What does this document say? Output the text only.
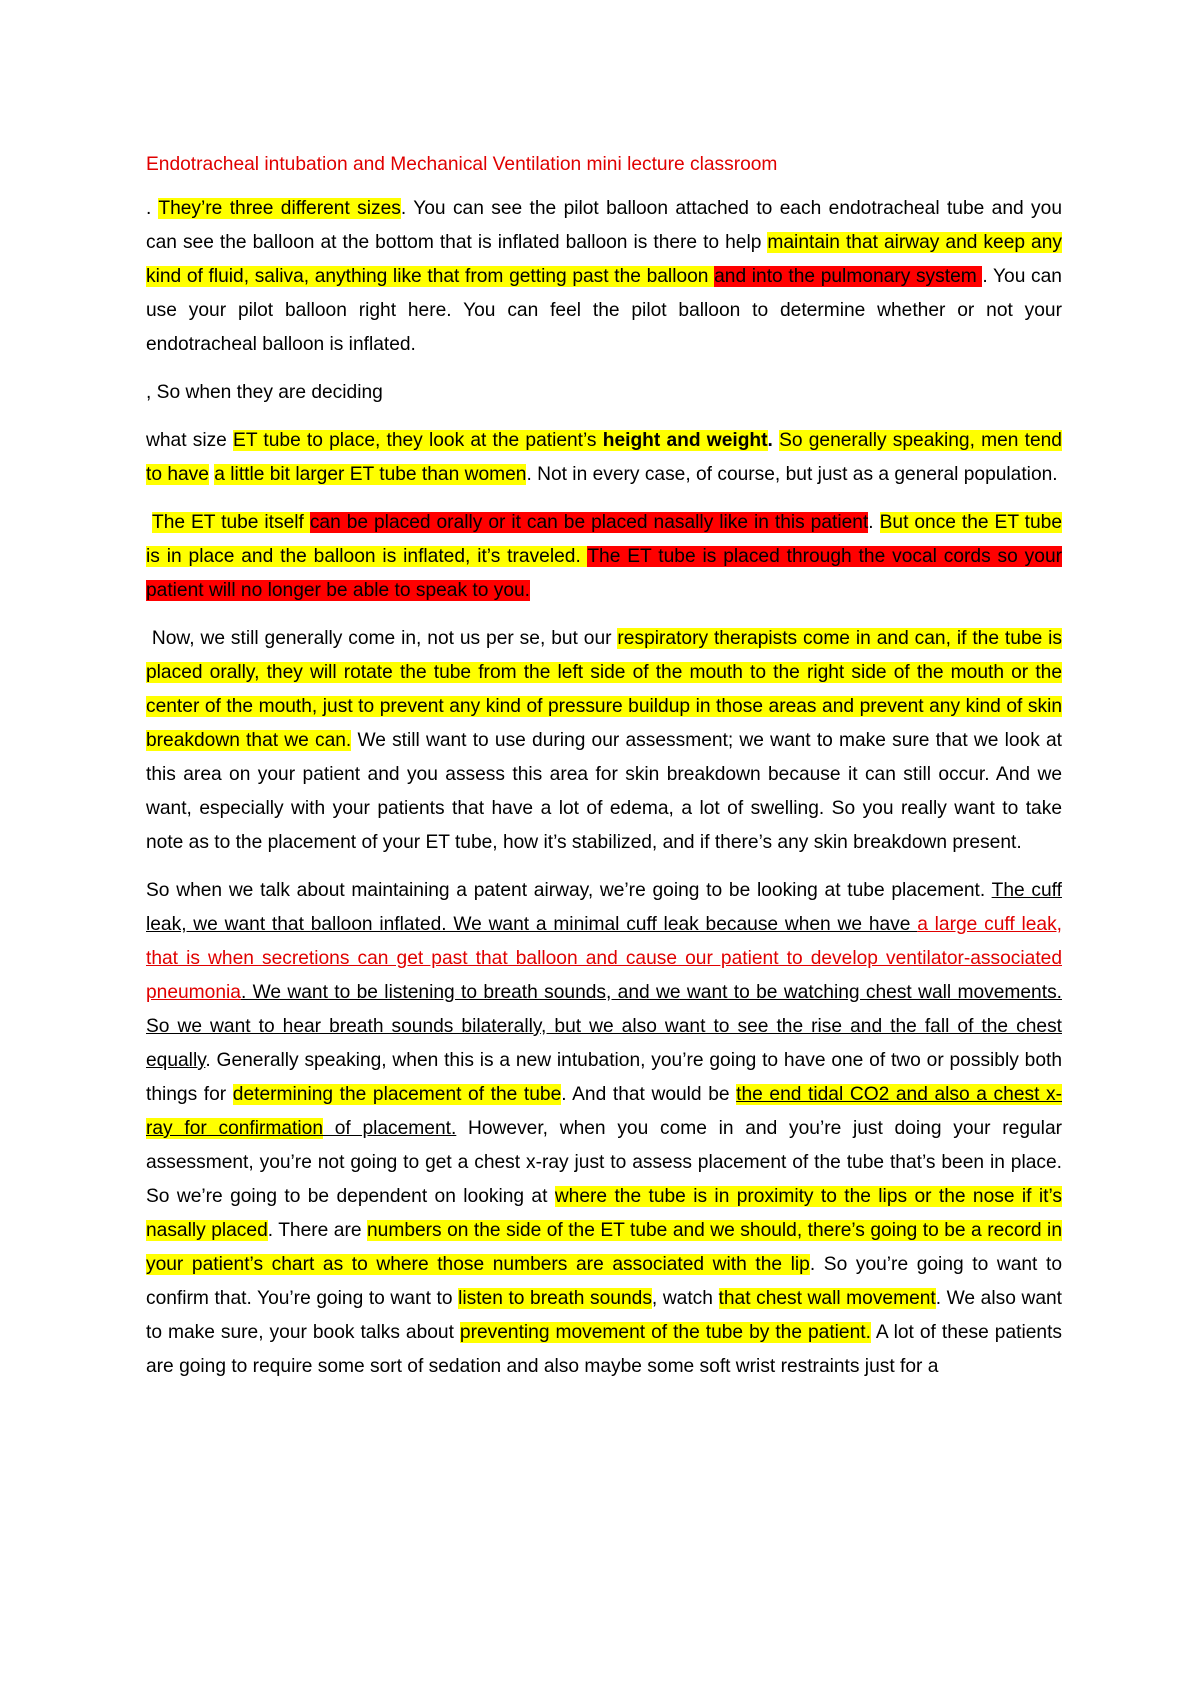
Endotracheal intubation and Mechanical Ventilation mini lecture classroom

. They’re three different sizes. You can see the pilot balloon attached to each endotracheal tube and you can see the balloon at the bottom that is inflated balloon is there to help maintain that airway and keep any kind of fluid, saliva, anything like that from getting past the balloon and into the pulmonary system . You can use your pilot balloon right here. You can feel the pilot balloon to determine whether or not your endotracheal balloon is inflated.

, So when they are deciding

what size ET tube to place, they look at the patient’s height and weight. So generally speaking, men tend to have a little bit larger ET tube than women. Not in every case, of course, but just as a general population.

The ET tube itself can be placed orally or it can be placed nasally like in this patient. But once the ET tube is in place and the balloon is inflated, it’s traveled. The ET tube is placed through the vocal cords so your patient will no longer be able to speak to you.

Now, we still generally come in, not us per se, but our respiratory therapists come in and can, if the tube is placed orally, they will rotate the tube from the left side of the mouth to the right side of the mouth or the center of the mouth, just to prevent any kind of pressure buildup in those areas and prevent any kind of skin breakdown that we can. We still want to use during our assessment; we want to make sure that we look at this area on your patient and you assess this area for skin breakdown because it can still occur. And we want, especially with your patients that have a lot of edema, a lot of swelling. So you really want to take note as to the placement of your ET tube, how it’s stabilized, and if there’s any skin breakdown present.

So when we talk about maintaining a patent airway, we’re going to be looking at tube placement. The cuff leak, we want that balloon inflated. We want a minimal cuff leak because when we have a large cuff leak, that is when secretions can get past that balloon and cause our patient to develop ventilator-associated pneumonia. We want to be listening to breath sounds, and we want to be watching chest wall movements. So we want to hear breath sounds bilaterally, but we also want to see the rise and the fall of the chest equally. Generally speaking, when this is a new intubation, you’re going to have one of two or possibly both things for determining the placement of the tube. And that would be the end tidal CO2 and also a chest x-ray for confirmation of placement. However, when you come in and you’re just doing your regular assessment, you’re not going to get a chest x-ray just to assess placement of the tube that’s been in place. So we’re going to be dependent on looking at where the tube is in proximity to the lips or the nose if it’s nasally placed. There are numbers on the side of the ET tube and we should, there’s going to be a record in your patient’s chart as to where those numbers are associated with the lip. So you’re going to want to confirm that. You’re going to want to listen to breath sounds, watch that chest wall movement. We also want to make sure, your book talks about preventing movement of the tube by the patient. A lot of these patients are going to require some sort of sedation and also maybe some soft wrist restraints just for a
